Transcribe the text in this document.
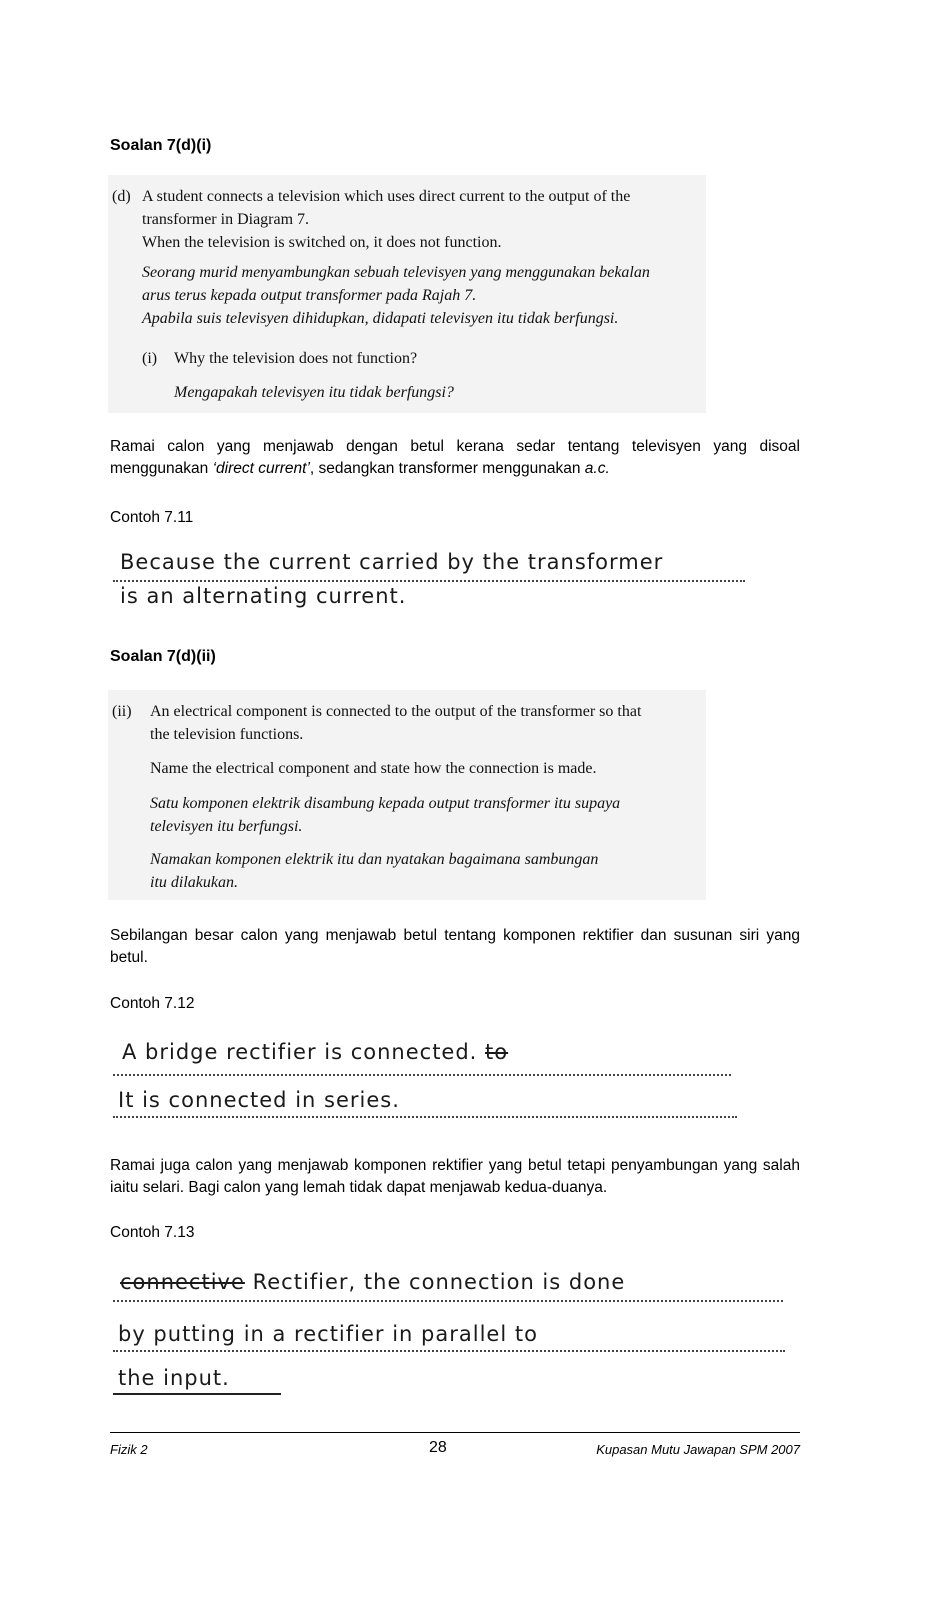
Soalan 7(d)(i)
(d) A student connects a television which uses direct current to the output of the
transformer in Diagram 7.
When the television is switched on, it does not function.
Seorang murid menyambungkan sebuah televisyen yang menggunakan bekalan
arus terus kepada output transformer pada Rajah 7.
Apabila suis televisyen dihidupkan, didapati televisyen itu tidak berfungsi.
(i) Why the television does not function?
Mengapakah televisyen itu tidak berfungsi?
Ramai calon yang menjawab dengan betul kerana sedar tentang televisyen yang disoal menggunakan ‘direct current’, sedangkan transformer menggunakan a.c.
Contoh 7.11
Because the current carried by the transformer
is an alternating current.
Soalan 7(d)(ii)
(ii) An electrical component is connected to the output of the transformer so that
the television functions.
Name the electrical component and state how the connection is made.
Satu komponen elektrik disambung kepada output transformer itu supaya
televisyen itu berfungsi.
Namakan komponen elektrik itu dan nyatakan bagaimana sambungan
itu dilakukan.
Sebilangan besar calon yang menjawab betul tentang komponen rektifier dan susunan siri yang betul.
Contoh 7.12
A bridge rectifier is connected. to
It is connected in series.
Ramai juga calon yang menjawab komponen rektifier yang betul tetapi penyambungan yang salah iaitu selari. Bagi calon yang lemah tidak dapat menjawab kedua-duanya.
Contoh 7.13
connective Rectifier, the connection is done
by putting in a rectifier in parallel to
the input.
Fizik 2	28	Kupasan Mutu Jawapan SPM 2007
